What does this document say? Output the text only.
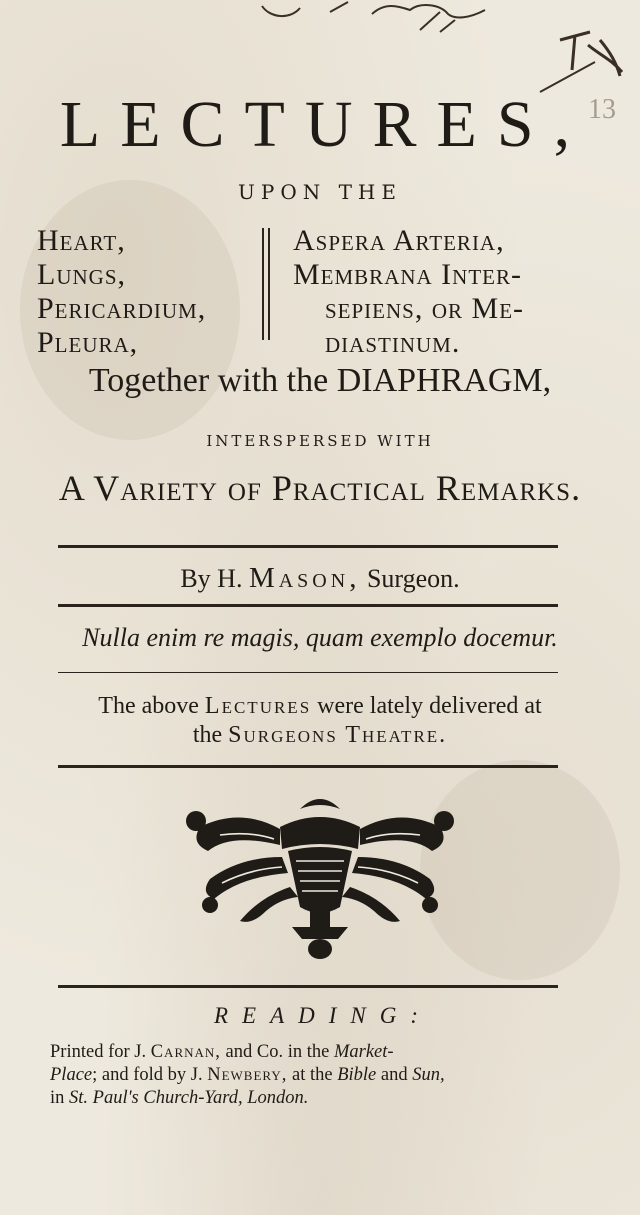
13
LECTURES,
UPON THE
Heart,
Lungs,
Pericardium,
Pleura,
Aspera Arteria,
Membrana Inter-
sepiens, or Me-
diastinum.
Together with the DIAPHRAGM,
INTERSPERSED WITH
A Variety of Practical Remarks.
By H. Mason, Surgeon.
Nulla enim re magis, quam exemplo docemur.
The above Lectures were lately delivered at
the Surgeons Theatre.
READING:
Printed for J. Carnan, and Co. in the Market-
Place; and fold by J. Newbery, at the Bible and Sun,
in St. Paul's Church-Yard, London.
